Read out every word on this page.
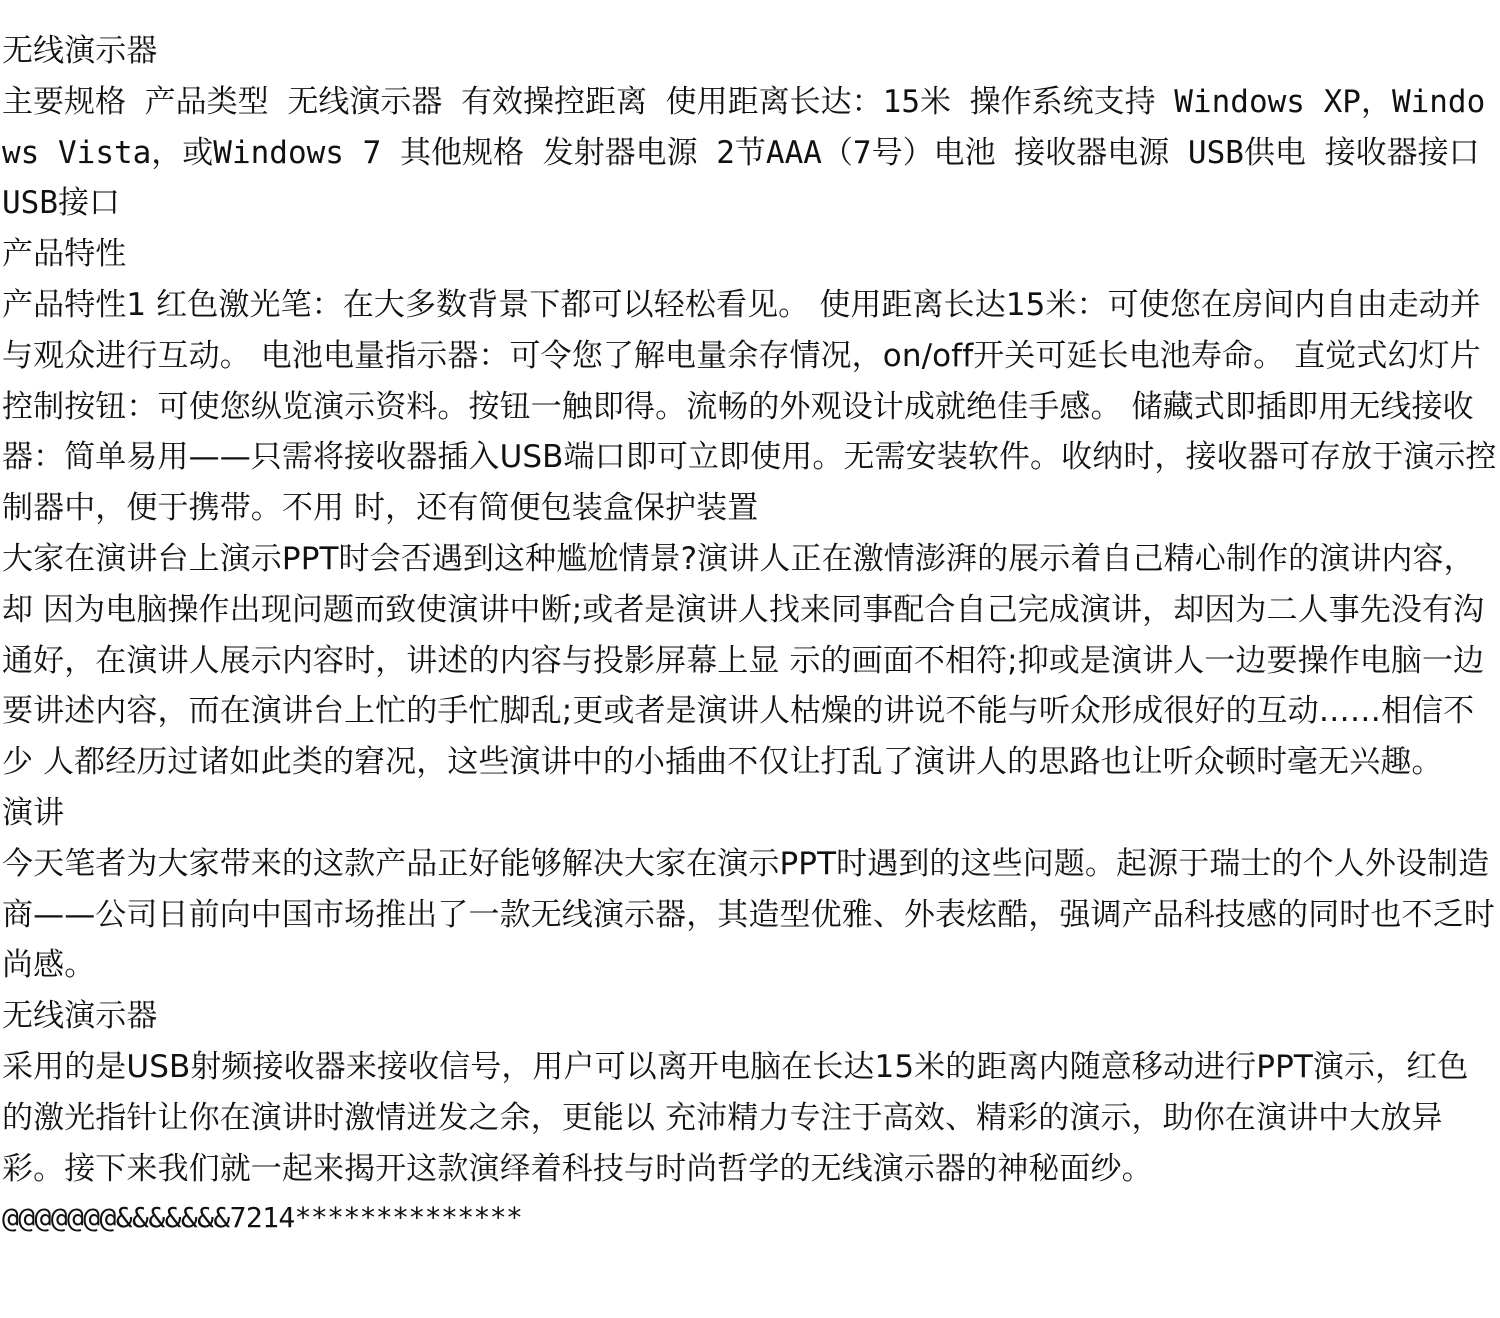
无线演示器

主要规格 产品类型 无线演示器 有效操控距离 使用距离长达：15米 操作系统支持 Windows XP，Windows Vista，或Windows 7 其他规格 发射器电源 2节AAA（7号）电池 接收器电源 USB供电 接收器接口 USB接口

产品特性

产品特性1 红色激光笔：在大多数背景下都可以轻松看见。 使用距离长达15米：可使您在房间内自由走动并与观众进行互动。 电池电量指示器：可令您了解电量余存情况，on/off开关可延长电池寿命。 直觉式幻灯片控制按钮：可使您纵览演示资料。按钮一触即得。流畅的外观设计成就绝佳手感。 储藏式即插即用无线接收器：简单易用——只需将接收器插入USB端口即可立即使用。无需安装软件。收纳时，接收器可存放于演示控制器中，便于携带。不用 时，还有简便包装盒保护装置

大家在演讲台上演示PPT时会否遇到这种尴尬情景?演讲人正在激情澎湃的展示着自己精心制作的演讲内容，却 因为电脑操作出现问题而致使演讲中断;或者是演讲人找来同事配合自己完成演讲，却因为二人事先没有沟通好，在演讲人展示内容时，讲述的内容与投影屏幕上显 示的画面不相符;抑或是演讲人一边要操作电脑一边要讲述内容，而在演讲台上忙的手忙脚乱;更或者是演讲人枯燥的讲说不能与听众形成很好的互动……相信不少 人都经历过诸如此类的窘况，这些演讲中的小插曲不仅让打乱了演讲人的思路也让听众顿时毫无兴趣。

演讲

今天笔者为大家带来的这款产品正好能够解决大家在演示PPT时遇到的这些问题。起源于瑞士的个人外设制造商——公司日前向中国市场推出了一款无线演示器，其造型优雅、外表炫酷，强调产品科技感的同时也不乏时尚感。

无线演示器

采用的是USB射频接收器来接收信号，用户可以离开电脑在长达15米的距离内随意移动进行PPT演示，红色的激光指针让你在演讲时激情迸发之余，更能以 充沛精力专注于高效、精彩的演示，助你在演讲中大放异彩。接下来我们就一起来揭开这款演绎着科技与时尚哲学的无线演示器的神秘面纱。

@@@@@@@&&&&&&&7214**************
